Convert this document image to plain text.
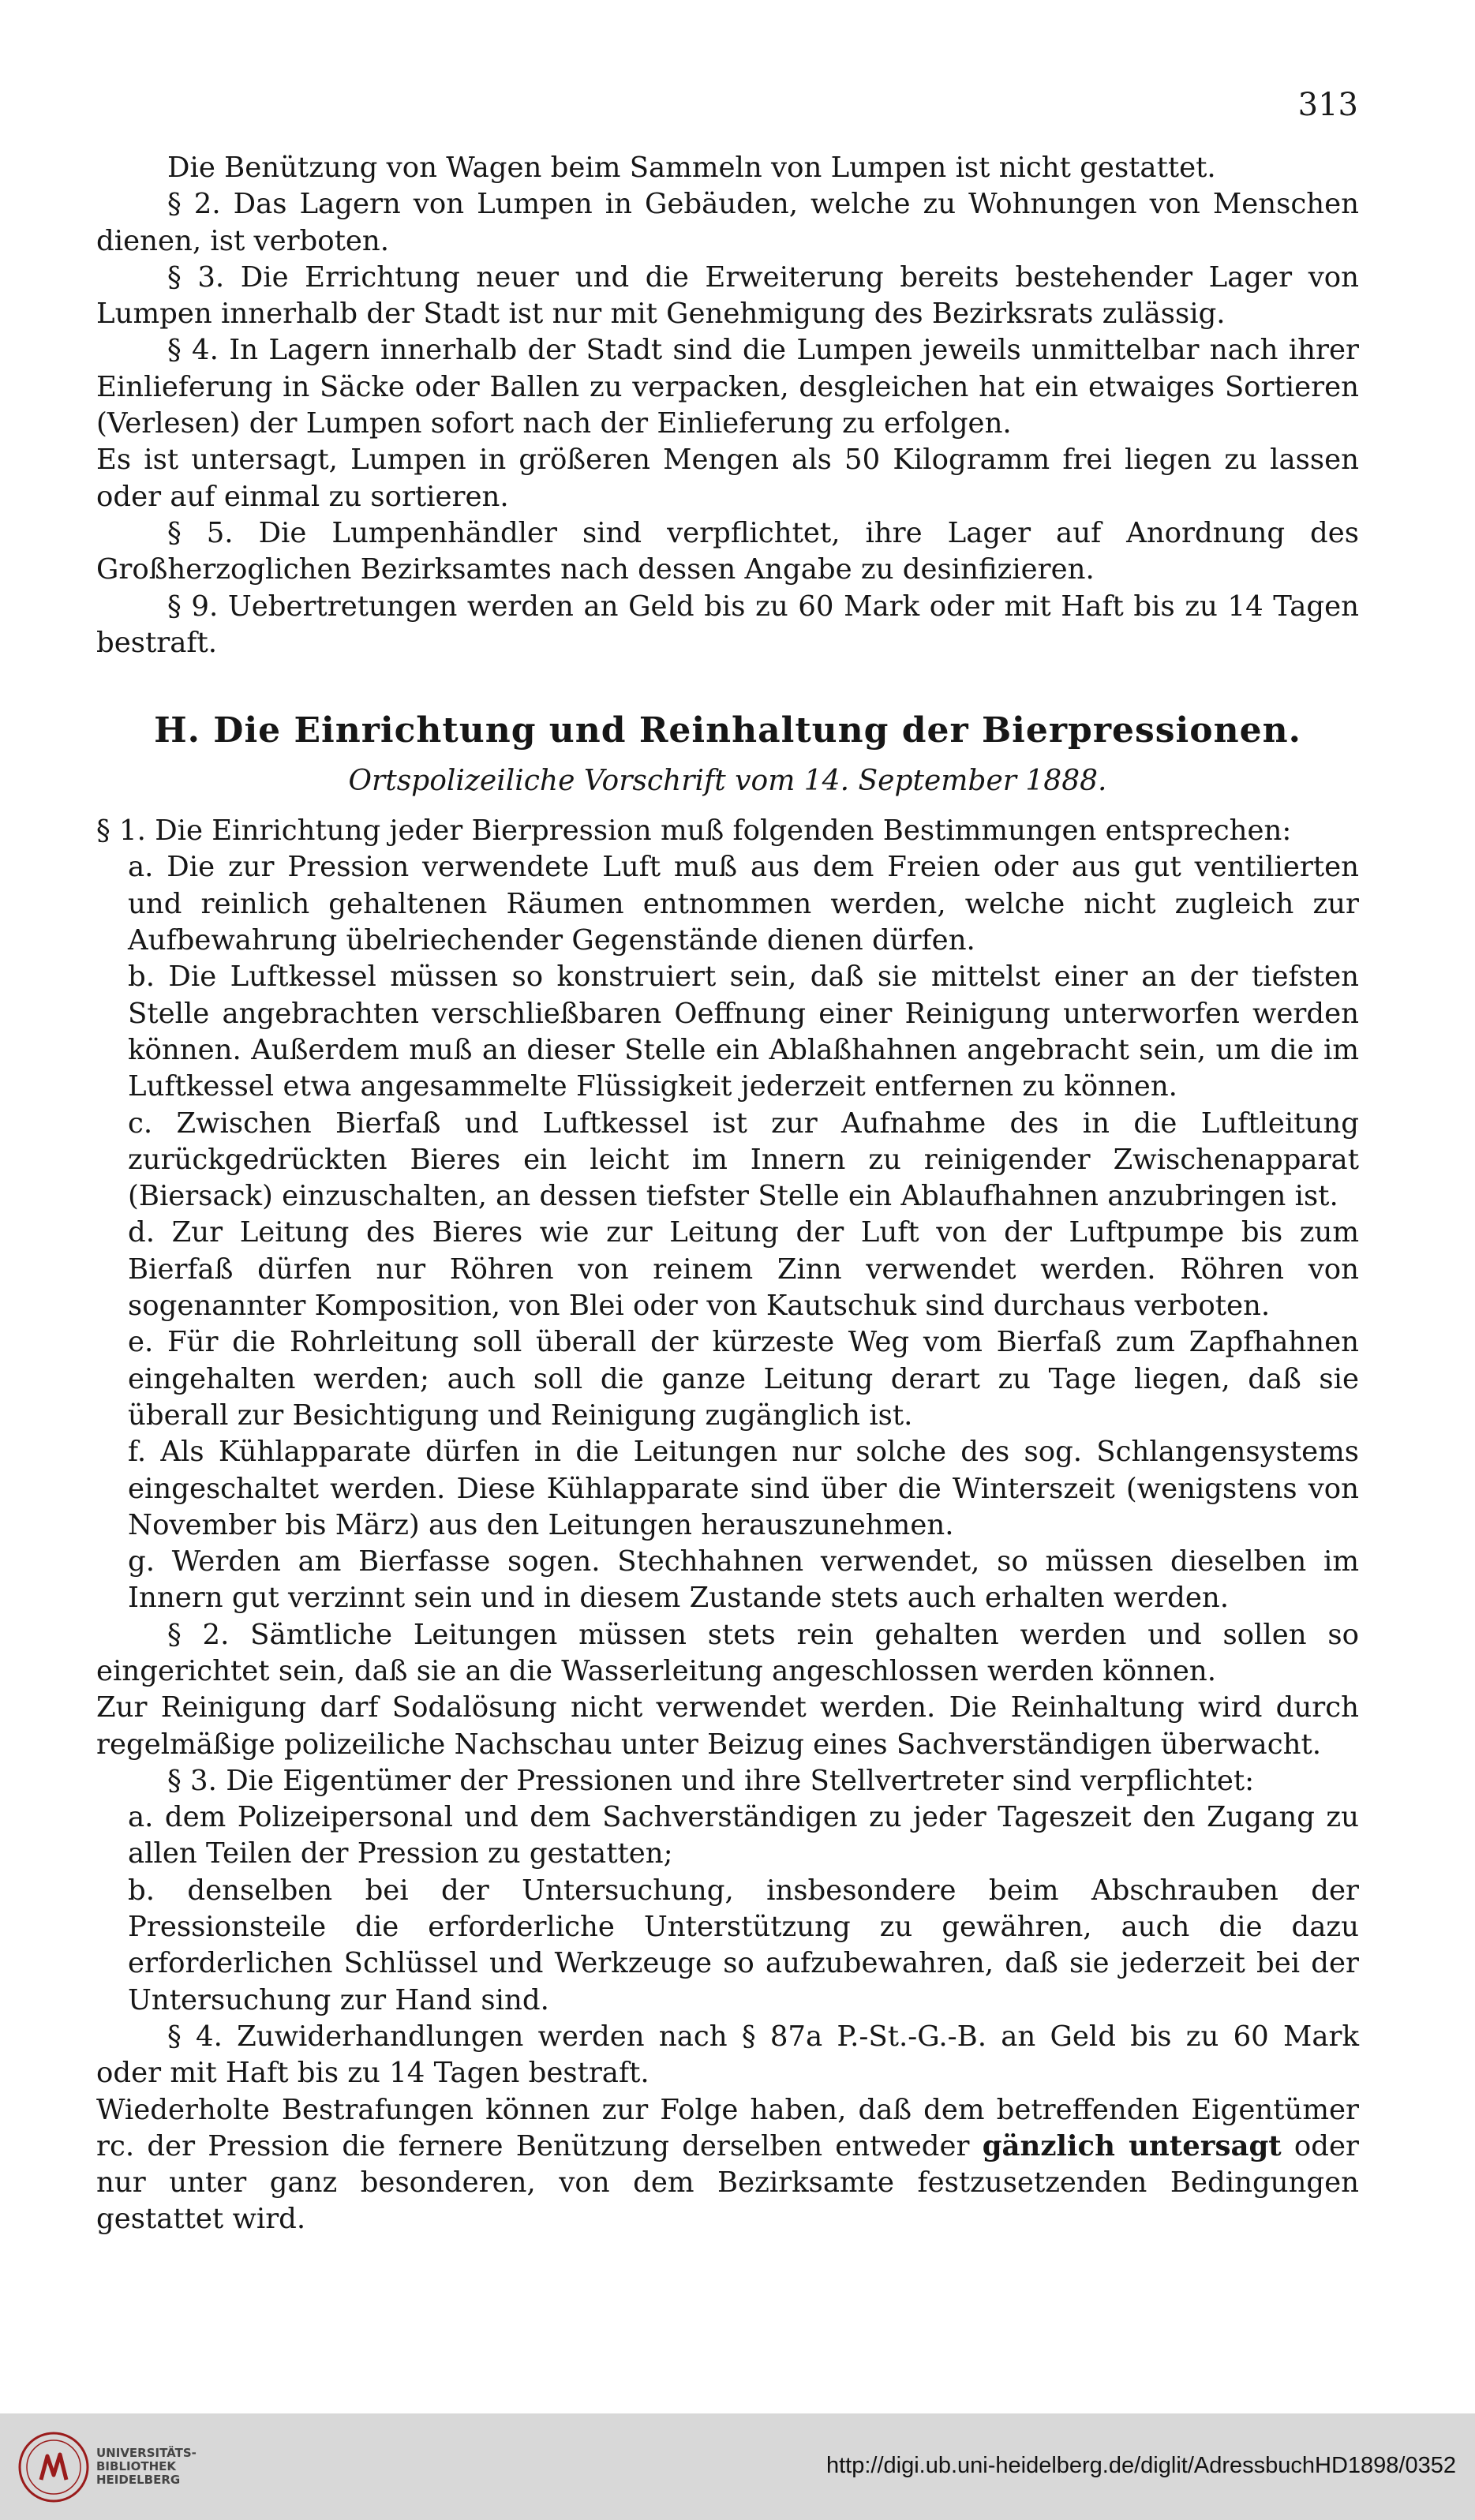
313

Die Benützung von Wagen beim Sammeln von Lumpen ist nicht gestattet.

§ 2. Das Lagern von Lumpen in Gebäuden, welche zu Wohnungen von Menschen dienen, ist verboten.

§ 3. Die Errichtung neuer und die Erweiterung bereits bestehender Lager von Lumpen innerhalb der Stadt ist nur mit Genehmigung des Bezirksrats zulässig.

§ 4. In Lagern innerhalb der Stadt sind die Lumpen jeweils unmittelbar nach ihrer Einlieferung in Säcke oder Ballen zu verpacken, desgleichen hat ein etwaiges Sortieren (Verlesen) der Lumpen sofort nach der Einlieferung zu erfolgen.

Es ist untersagt, Lumpen in größeren Mengen als 50 Kilogramm frei liegen zu lassen oder auf einmal zu sortieren.

§ 5. Die Lumpenhändler sind verpflichtet, ihre Lager auf Anordnung des Großherzoglichen Bezirksamtes nach dessen Angabe zu desinfizieren.

§ 9. Uebertretungen werden an Geld bis zu 60 Mark oder mit Haft bis zu 14 Tagen bestraft.

H. Die Einrichtung und Reinhaltung der Bierpressionen.
Ortspolizeiliche Vorschrift vom 14. September 1888.

§ 1. Die Einrichtung jeder Bierpression muß folgenden Bestimmungen entsprechen:

a. Die zur Pression verwendete Luft muß aus dem Freien oder aus gut ventilierten und reinlich gehaltenen Räumen entnommen werden, welche nicht zugleich zur Aufbewahrung übelriechender Gegenstände dienen dürfen.

b. Die Luftkessel müssen so konstruiert sein, daß sie mittelst einer an der tiefsten Stelle angebrachten verschließbaren Oeffnung einer Reinigung unterworfen werden können. Außerdem muß an dieser Stelle ein Ablaßhahnen angebracht sein, um die im Luftkessel etwa angesammelte Flüssigkeit jederzeit entfernen zu können.

c. Zwischen Bierfaß und Luftkessel ist zur Aufnahme des in die Luftleitung zurückgedrückten Bieres ein leicht im Innern zu reinigender Zwischenapparat (Biersack) einzuschalten, an dessen tiefster Stelle ein Ablaufhahnen anzubringen ist.

d. Zur Leitung des Bieres wie zur Leitung der Luft von der Luftpumpe bis zum Bierfaß dürfen nur Röhren von reinem Zinn verwendet werden. Röhren von sogenannter Komposition, von Blei oder von Kautschuk sind durchaus verboten.

e. Für die Rohrleitung soll überall der kürzeste Weg vom Bierfaß zum Zapfhahnen eingehalten werden; auch soll die ganze Leitung derart zu Tage liegen, daß sie überall zur Besichtigung und Reinigung zugänglich ist.

f. Als Kühlapparate dürfen in die Leitungen nur solche des sog. Schlangensystems eingeschaltet werden. Diese Kühlapparate sind über die Winterszeit (wenigstens von November bis März) aus den Leitungen herauszunehmen.

g. Werden am Bierfasse sogen. Stechhahnen verwendet, so müssen dieselben im Innern gut verzinnt sein und in diesem Zustande stets auch erhalten werden.

§ 2. Sämtliche Leitungen müssen stets rein gehalten werden und sollen so eingerichtet sein, daß sie an die Wasserleitung angeschlossen werden können.

Zur Reinigung darf Sodalösung nicht verwendet werden. Die Reinhaltung wird durch regelmäßige polizeiliche Nachschau unter Beizug eines Sachverständigen überwacht.

§ 3. Die Eigentümer der Pressionen und ihre Stellvertreter sind verpflichtet:

a. dem Polizeipersonal und dem Sachverständigen zu jeder Tageszeit den Zugang zu allen Teilen der Pression zu gestatten;

b. denselben bei der Untersuchung, insbesondere beim Abschrauben der Pressionsteile die erforderliche Unterstützung zu gewähren, auch die dazu erforderlichen Schlüssel und Werkzeuge so aufzubewahren, daß sie jederzeit bei der Untersuchung zur Hand sind.

§ 4. Zuwiderhandlungen werden nach § 87a P.-St.-G.-B. an Geld bis zu 60 Mark oder mit Haft bis zu 14 Tagen bestraft.

Wiederholte Bestrafungen können zur Folge haben, daß dem betreffenden Eigentümer rc. der Pression die fernere Benützung derselben entweder gänzlich untersagt oder nur unter ganz besonderen, von dem Bezirksamte festzusetzenden Bedingungen gestattet wird.

UNIVERSITÄTS-
BIBLIOTHEK
HEIDELBERG
http://digi.ub.uni-heidelberg.de/diglit/AdressbuchHD1898/0352
